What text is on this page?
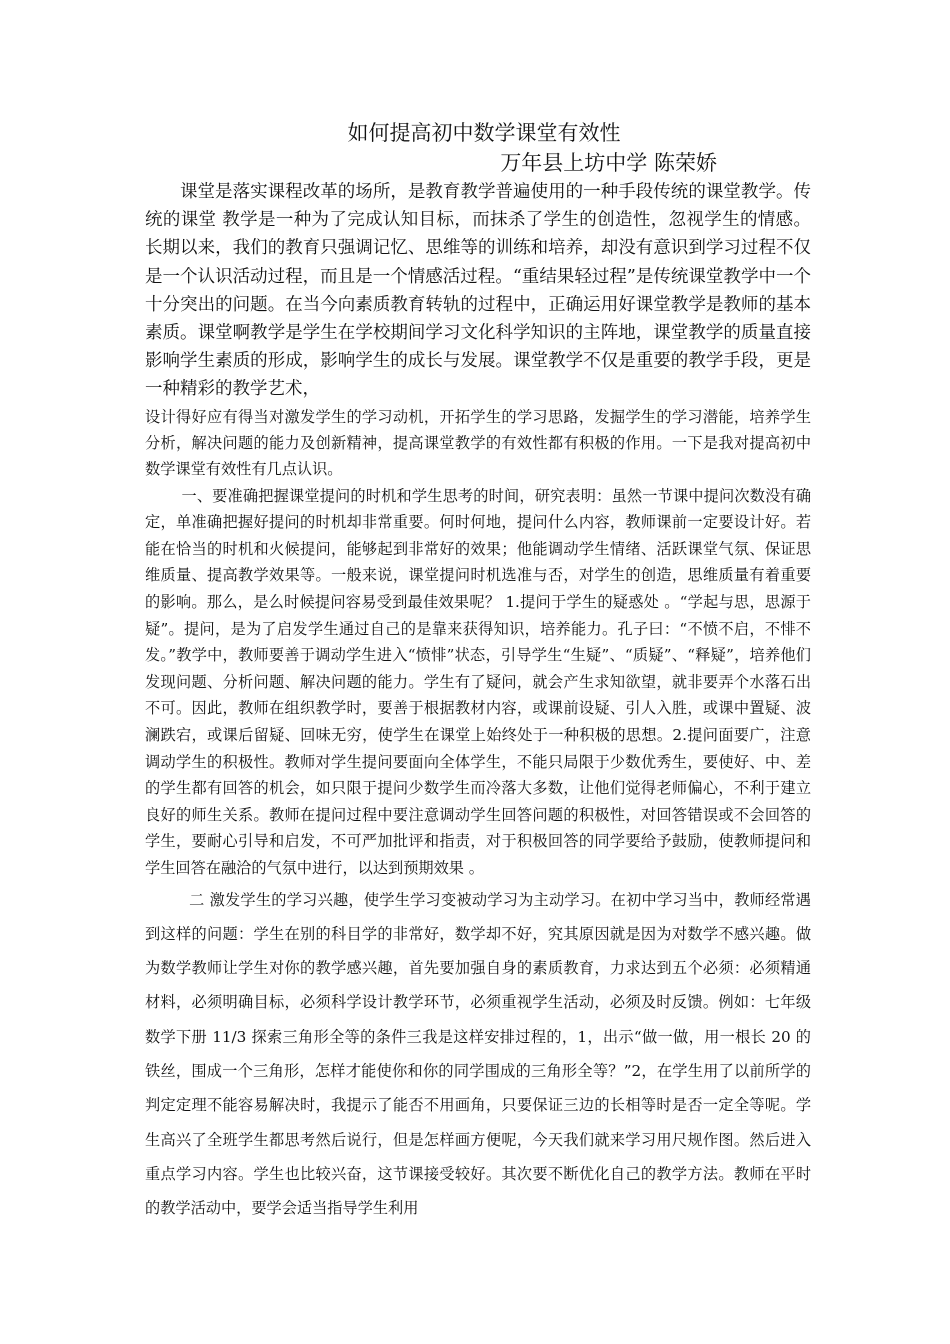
如何提高初中数学课堂有效性
万年县上坊中学 陈荣娇

课堂是落实课程改革的场所，是教育教学普遍使用的一种手段传统的课堂教学。传统的课堂 教学是一种为了完成认知目标，而抹杀了学生的创造性，忽视学生的情感。长期以来，我们的教育只强调记忆、思维等的训练和培养，却没有意识到学习过程不仅是一个认识活动过程，而且是一个情感活过程。“重结果轻过程”是传统课堂教学中一个十分突出的问题。在当今向素质教育转轨的过程中，正确运用好课堂教学是教师的基本素质。课堂啊教学是学生在学校期间学习文化科学知识的主阵地，课堂教学的质量直接影响学生素质的形成，影响学生的成长与发展。课堂教学不仅是重要的教学手段，更是一种精彩的教学艺术，

设计得好应有得当对激发学生的学习动机，开拓学生的学习思路，发掘学生的学习潜能，培养学生分析，解决问题的能力及创新精神，提高课堂教学的有效性都有积极的作用。一下是我对提高初中数学课堂有效性有几点认识。

一、要准确把握课堂提问的时机和学生思考的时间，研究表明：虽然一节课中提问次数没有确定，单准确把握好提问的时机却非常重要。何时何地，提问什么内容，教师课前一定要设计好。若能在恰当的时机和火候提问，能够起到非常好的效果；他能调动学生情绪、活跃课堂气氛、保证思维质量、提高教学效果等。一般来说，课堂提问时机选准与否，对学生的创造，思维质量有着重要的影响。那么，是么时候提问容易受到最佳效果呢？ 1.提问于学生的疑惑处 。“学起与思，思源于疑”。提问，是为了启发学生通过自己的是靠来获得知识，培养能力。孔子曰：“不愤不启，不悱不发。”教学中，教师要善于调动学生进入“愤悱”状态，引导学生“生疑”、“质疑”、“释疑”，培养他们发现问题、分析问题、解决问题的能力。学生有了疑问，就会产生求知欲望，就非要弄个水落石出不可。因此，教师在组织教学时，要善于根据教材内容，或课前设疑、引人入胜，或课中置疑、波澜跌宕，或课后留疑、回味无穷，使学生在课堂上始终处于一种积极的思想。2.提问面要广，注意调动学生的积极性。教师对学生提问要面向全体学生，不能只局限于少数优秀生，要使好、中、差的学生都有回答的机会，如只限于提问少数学生而冷落大多数，让他们觉得老师偏心，不利于建立良好的师生关系。教师在提问过程中要注意调动学生回答问题的积极性，对回答错误或不会回答的学生，要耐心引导和启发，不可严加批评和指责，对于积极回答的同学要给予鼓励，使教师提问和学生回答在融洽的气氛中进行，以达到预期效果 。

二 激发学生的学习兴趣，使学生学习变被动学习为主动学习。在初中学习当中，教师经常遇到这样的问题：学生在别的科目学的非常好，数学却不好，究其原因就是因为对数学不感兴趣。做为数学教师让学生对你的教学感兴趣，首先要加强自身的素质教育，力求达到五个必须：必须精通材料，必须明确目标，必须科学设计教学环节，必须重视学生活动，必须及时反馈。例如：七年级数学下册 11/3 探索三角形全等的条件三我是这样安排过程的，1，出示“做一做，用一根长 20 的铁丝，围成一个三角形，怎样才能使你和你的同学围成的三角形全等？”2，在学生用了以前所学的判定定理不能容易解决时，我提示了能否不用画角，只要保证三边的长相等时是否一定全等呢。学生高兴了全班学生都思考然后说行，但是怎样画方便呢，今天我们就来学习用尺规作图。然后进入重点学习内容。学生也比较兴奋，这节课接受较好。其次要不断优化自己的教学方法。教师在平时的教学活动中，要学会适当指导学生利用
